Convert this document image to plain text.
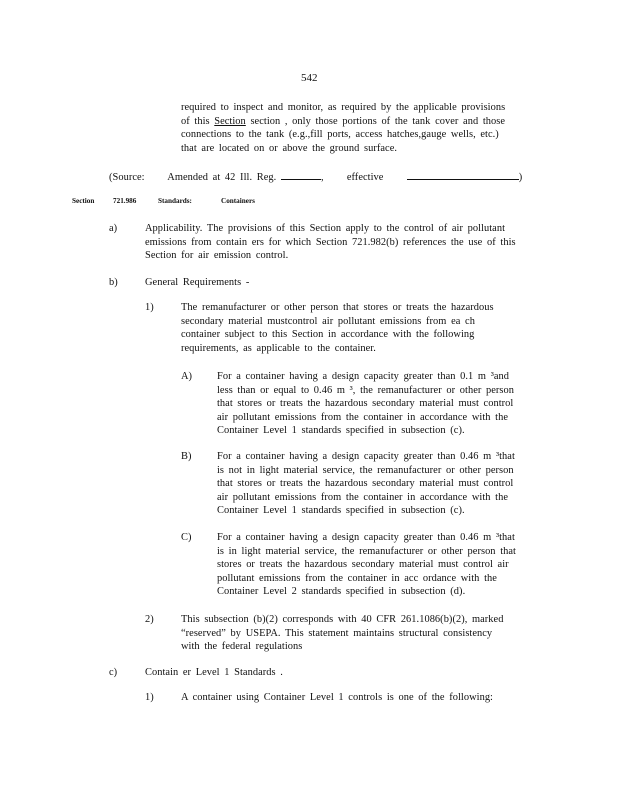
542
required to inspect and monitor, as required by the applicable provisions
of this Section section , only those portions of the tank cover and those
connections to the tank (e.g.,fill ports, access hatches,gauge wells, etc.)
that are located on or above the ground surface.
(Source: Amended at 42 Ill. Reg.	,     effective	)
Section	721.986	Standards:	Containers
a)	Applicability. The provisions of this Section apply to the control of air pollutant
emissions from contain ers for which Section 721.982(b) references the use of this
Section for air emission control.
b)	General Requirements -
1)	The remanufacturer or other person that stores or treats the hazardous
secondary material mustcontrol air pollutant emissions from ea ch
container subject to this Section in accordance with the following
requirements, as applicable to the container.
A) For a container having a design capacity greater than 0.1 m ³and
less than or equal to 0.46 m ³, the remanufacturer or other person
that stores or treats the hazardous secondary material must control
air pollutant emissions from the container in accordance with the
Container Level 1 standards specified in subsection (c).
B) For a container having a design capacity greater than 0.46 m ³that
is not in light material service, the remanufacturer or other person
that stores or treats the hazardous secondary material must control
air pollutant emissions from the container in accordance with the
Container Level 1 standards specified in subsection (c).
C) For a container having a design capacity greater than 0.46 m ³that
is in light material service, the remanufacturer or other person that
stores or treats the hazardous secondary material must control air
pollutant emissions from the container in acc ordance with the
Container Level 2 standards specified in subsection (d).
2)	This subsection (b)(2) corresponds with 40 CFR 261.1086(b)(2), marked
“reserved” by USEPA. This statement maintains structural consistency
with the federal regulations
c)	Contain er Level 1 Standards .
1)	A container using Container Level 1 controls is one of the following:
